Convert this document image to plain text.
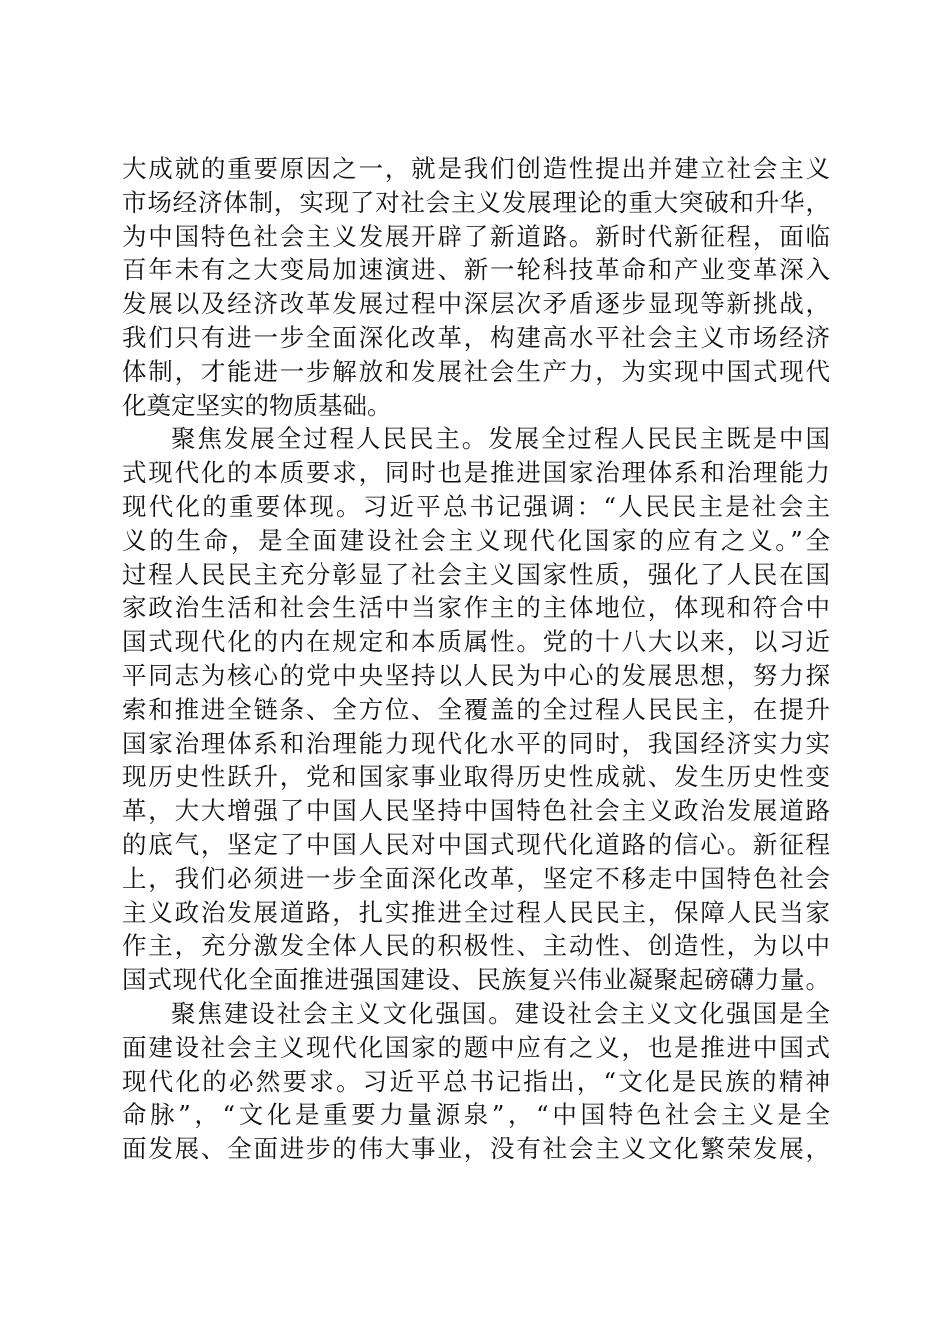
大成就的重要原因之一，就是我们创造性提出并建立社会主义
市场经济体制，实现了对社会主义发展理论的重大突破和升华，
为中国特色社会主义发展开辟了新道路。新时代新征程，面临
百年未有之大变局加速演进、新一轮科技革命和产业变革深入
发展以及经济改革发展过程中深层次矛盾逐步显现等新挑战，
我们只有进一步全面深化改革，构建高水平社会主义市场经济
体制，才能进一步解放和发展社会生产力，为实现中国式现代
化奠定坚实的物质基础。
聚焦发展全过程人民民主。发展全过程人民民主既是中国
式现代化的本质要求，同时也是推进国家治理体系和治理能力
现代化的重要体现。习近平总书记强调：“人民民主是社会主
义的生命，是全面建设社会主义现代化国家的应有之义。”全
过程人民民主充分彰显了社会主义国家性质，强化了人民在国
家政治生活和社会生活中当家作主的主体地位，体现和符合中
国式现代化的内在规定和本质属性。党的十八大以来，以习近
平同志为核心的党中央坚持以人民为中心的发展思想，努力探
索和推进全链条、全方位、全覆盖的全过程人民民主，在提升
国家治理体系和治理能力现代化水平的同时，我国经济实力实
现历史性跃升，党和国家事业取得历史性成就、发生历史性变
革，大大增强了中国人民坚持中国特色社会主义政治发展道路
的底气，坚定了中国人民对中国式现代化道路的信心。新征程
上，我们必须进一步全面深化改革，坚定不移走中国特色社会
主义政治发展道路，扎实推进全过程人民民主，保障人民当家
作主，充分激发全体人民的积极性、主动性、创造性，为以中
国式现代化全面推进强国建设、民族复兴伟业凝聚起磅礴力量。
聚焦建设社会主义文化强国。建设社会主义文化强国是全
面建设社会主义现代化国家的题中应有之义，也是推进中国式
现代化的必然要求。习近平总书记指出，“文化是民族的精神
命脉”，“文化是重要力量源泉”，“中国特色社会主义是全
面发展、全面进步的伟大事业，没有社会主义文化繁荣发展，
